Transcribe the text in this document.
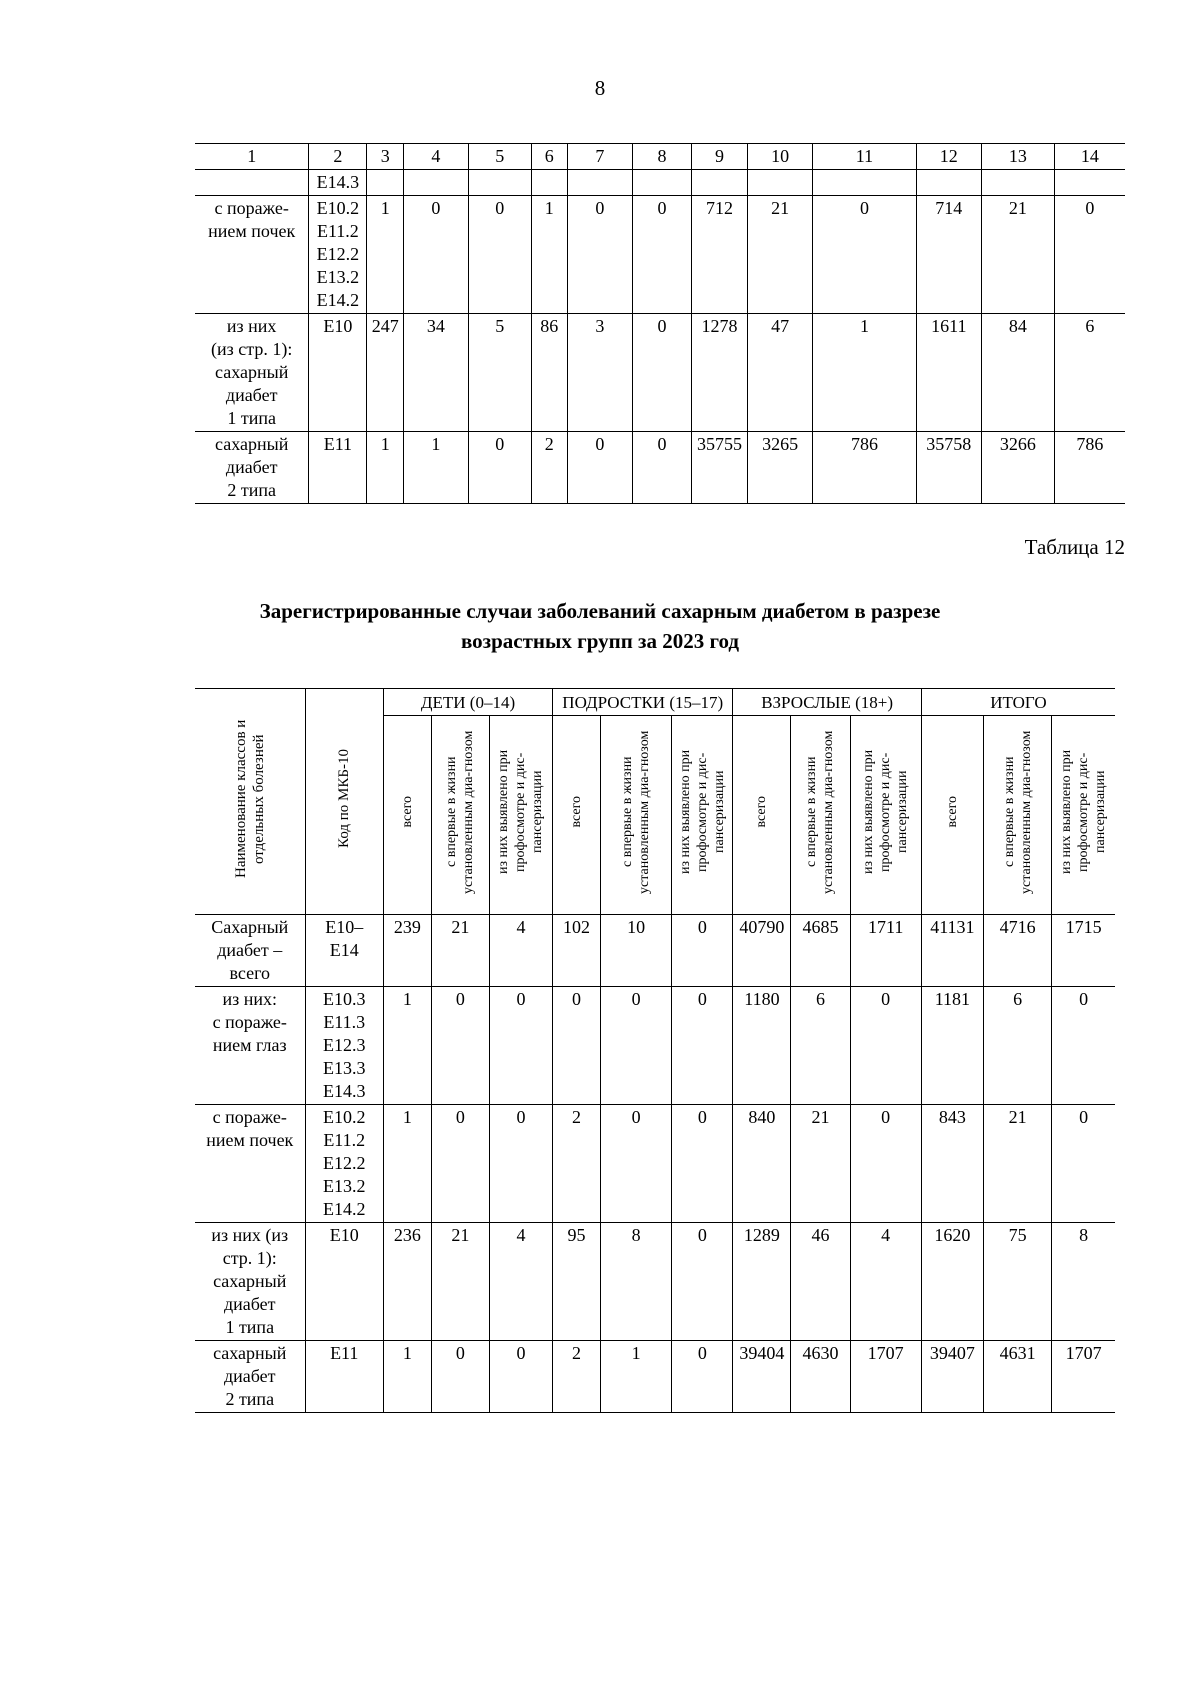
8
1	2	3	4	5	6	7	8	9	10	11	12	13	14
	E14.3												
с пораже-
нием почек	E10.2
E11.2
E12.2
E13.2
E14.2	1	0	0	1	0	0	712	21	0	714	21	0
из них
(из стр. 1):
сахарный
диабет
1 типа	E10	247	34	5	86	3	0	1278	47	1	1611	84	6
сахарный
диабет
2 типа	E11	1	1	0	2	0	0	35755	3265	786	35758	3266	786
Таблица 12
Зарегистрированные случаи заболеваний сахарным диабетом в разрезе
возрастных групп за 2023 год
Наименование классов и отдельных болезней	Код по МКБ-10	ДЕТИ (0–14)			ПОДРОСТКИ (15–17)			ВЗРОСЛЫЕ (18+)			ИТОГО		
		всего	с впервые в жизни установленным диа-гнозом	из них выявлено при профосмотре и дис-пансеризации	всего	с впервые в жизни установленным диа-гнозом	из них выявлено при профосмотре и дис-пансеризации	всего	с впервые в жизни установленным диа-гнозом	из них выявлено при профосмотре и дис-пансеризации	всего	с впервые в жизни установленным диа-гнозом	из них выявлено при профосмотре и дис-пансеризации
Сахарный
диабет –
всего	E10–
E14	239	21	4	102	10	0	40790	4685	1711	41131	4716	1715
из них:
с пораже-
нием глаз	E10.3
E11.3
E12.3
E13.3
E14.3	1	0	0	0	0	0	1180	6	0	1181	6	0
с пораже-
нием почек	E10.2
E11.2
E12.2
E13.2
E14.2	1	0	0	2	0	0	840	21	0	843	21	0
из них (из
стр. 1):
сахарный
диабет
1 типа	E10	236	21	4	95	8	0	1289	46	4	1620	75	8
сахарный
диабет
2 типа	E11	1	0	0	2	1	0	39404	4630	1707	39407	4631	1707
